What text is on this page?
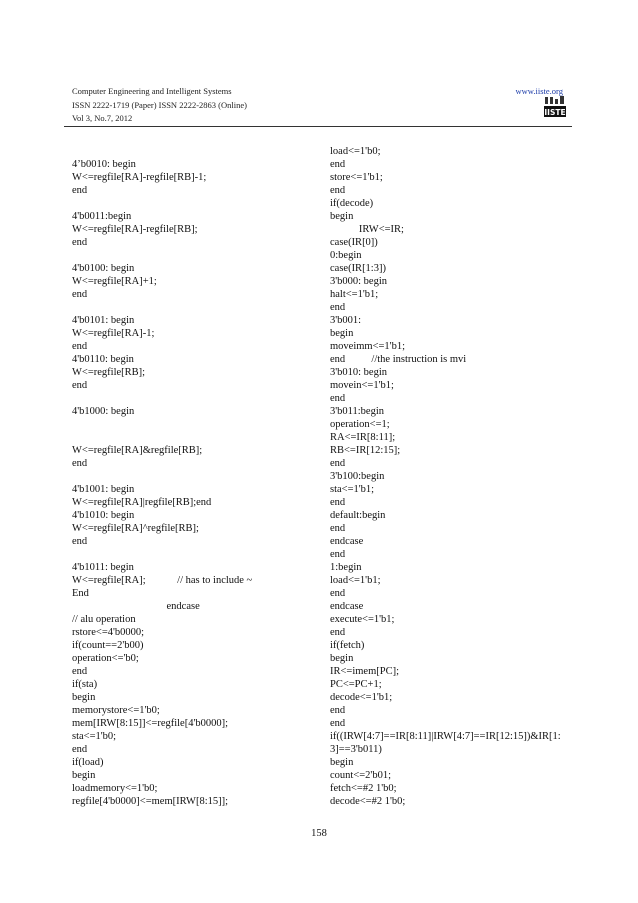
Computer Engineering and Intelligent Systems
ISSN 2222-1719 (Paper) ISSN 2222-2863 (Online)
Vol 3, No.7, 2012
www.iiste.org
IISTE
4’b0010: begin
W<=regfile[RA]-regfile[RB]-1;
end
4'b0011:begin
W<=regfile[RA]-regfile[RB];
end
4'b0100: begin
W<=regfile[RA]+1;
end
4'b0101: begin
W<=regfile[RA]-1;
end
4'b0110: begin
W<=regfile[RB];
end
4'b1000: begin
W<=regfile[RA]&regfile[RB];
end
4'b1001: begin
W<=regfile[RA]|regfile[RB];end
4'b1010: begin
W<=regfile[RA]^regfile[RB];
end
4'b1011: begin
W<=regfile[RA];            // has to include ~
End
endcase
// alu operation
rstore<=4'b0000;
if(count==2'b00)
operation<='b0;
end
if(sta)
begin
memorystore<=1'b0;
mem[IRW[8:15]]<=regfile[4'b0000];
sta<=1'b0;
end
if(load)
begin
loadmemory<=1'b0;
regfile[4'b0000]<=mem[IRW[8:15]];
load<=1'b0;
end
store<=1'b1;
end
if(decode)
begin
IRW<=IR;
case(IR[0])
0:begin
case(IR[1:3])
3'b000: begin
halt<=1'b1;
end
3'b001:
begin
moveimm<=1'b1;
end          //the instruction is mvi
3'b010: begin
movein<=1'b1;
end
3'b011:begin
operation<=1;
RA<=IR[8:11];
RB<=IR[12:15];
end
3'b100:begin
sta<=1'b1;
end
default:begin
end
endcase
end
1:begin
load<=1'b1;
end
endcase
execute<=1'b1;
end
if(fetch)
begin
IR<=imem[PC];
PC<=PC+1;
decode<=1'b1;
end
end
if((IRW[4:7]==IR[8:11]|IRW[4:7]==IR[12:15])&IR[1:
3]==3'b011)
begin
count<=2'b01;
fetch<=#2 1'b0;
decode<=#2 1'b0;
158
